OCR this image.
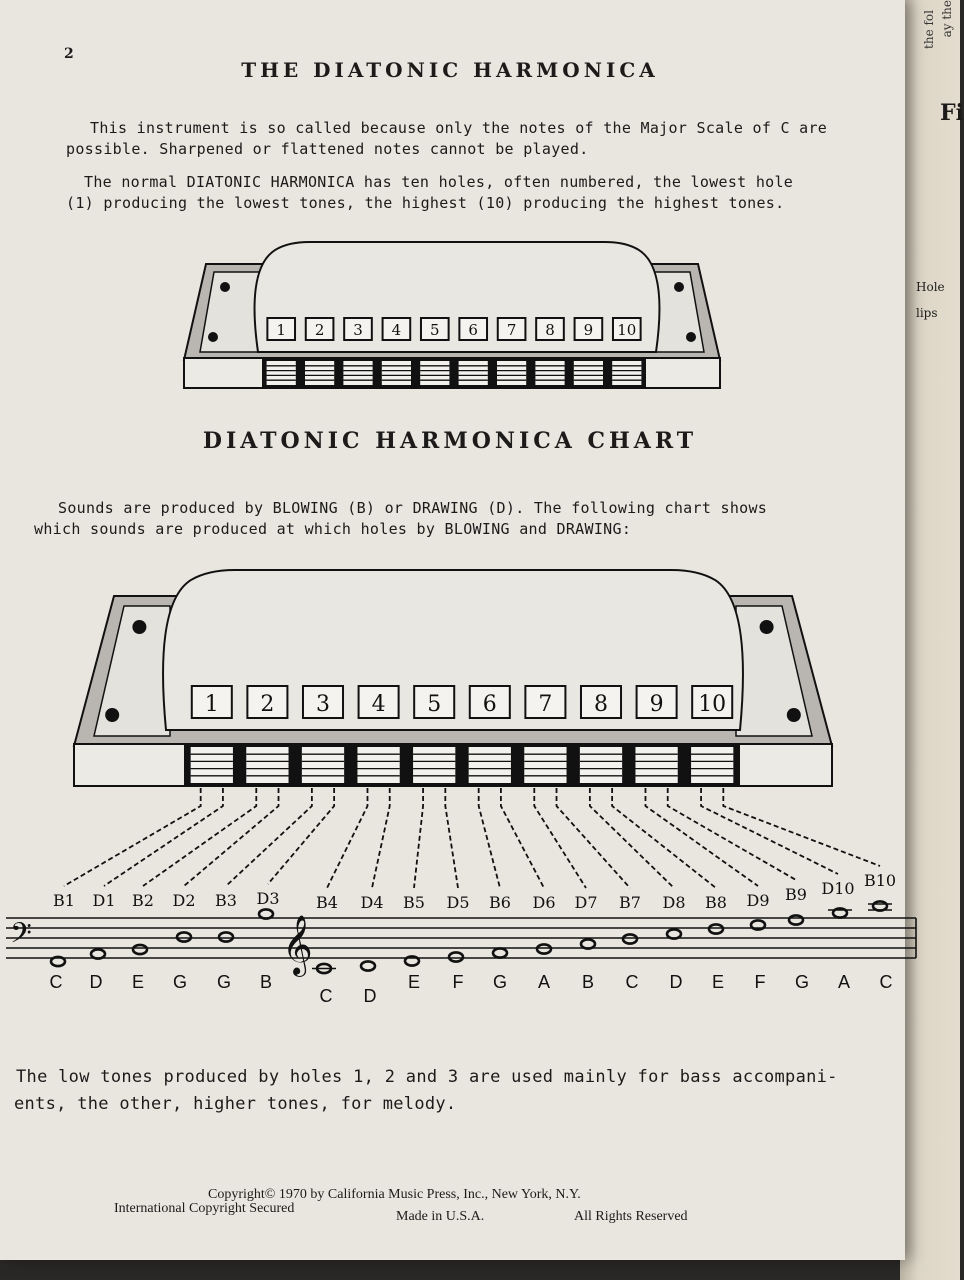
ay the
the fol
Fi
Hole
lips
2
THE DIATONIC HARMONICA
This instrument is so called because only the notes of the Major Scale of C are
possible. Sharpened or flattened notes cannot be played.
The normal DIATONIC HARMONICA has ten holes, often numbered, the lowest hole
(1) producing the lowest tones, the highest (10) producing the highest tones.
1 2 3 4 5 6 7 8 9 10
DIATONIC HARMONICA CHART
Sounds are produced by BLOWING (B) or DRAWING (D). The following chart shows
which sounds are produced at which holes by BLOWING and DRAWING:
1 2 3 4 5 6 7 8 9 10
B1 D1 B2 D2 B3 D3 B4 D4 B5 D5 B6 D6 D7 B7 D8 B8 D9 B9 D10 B10
𝄢	𝄞
C D E G G B
C D
E F G A B C D E F G A C
The low tones produced by holes 1, 2 and 3 are used mainly for bass accompani-
ents, the other, higher tones, for melody.
Copyright© 1970 by California Music Press, Inc., New York, N.Y.
International Copyright Secured
Made in U.S.A.	All Rights Reserved
